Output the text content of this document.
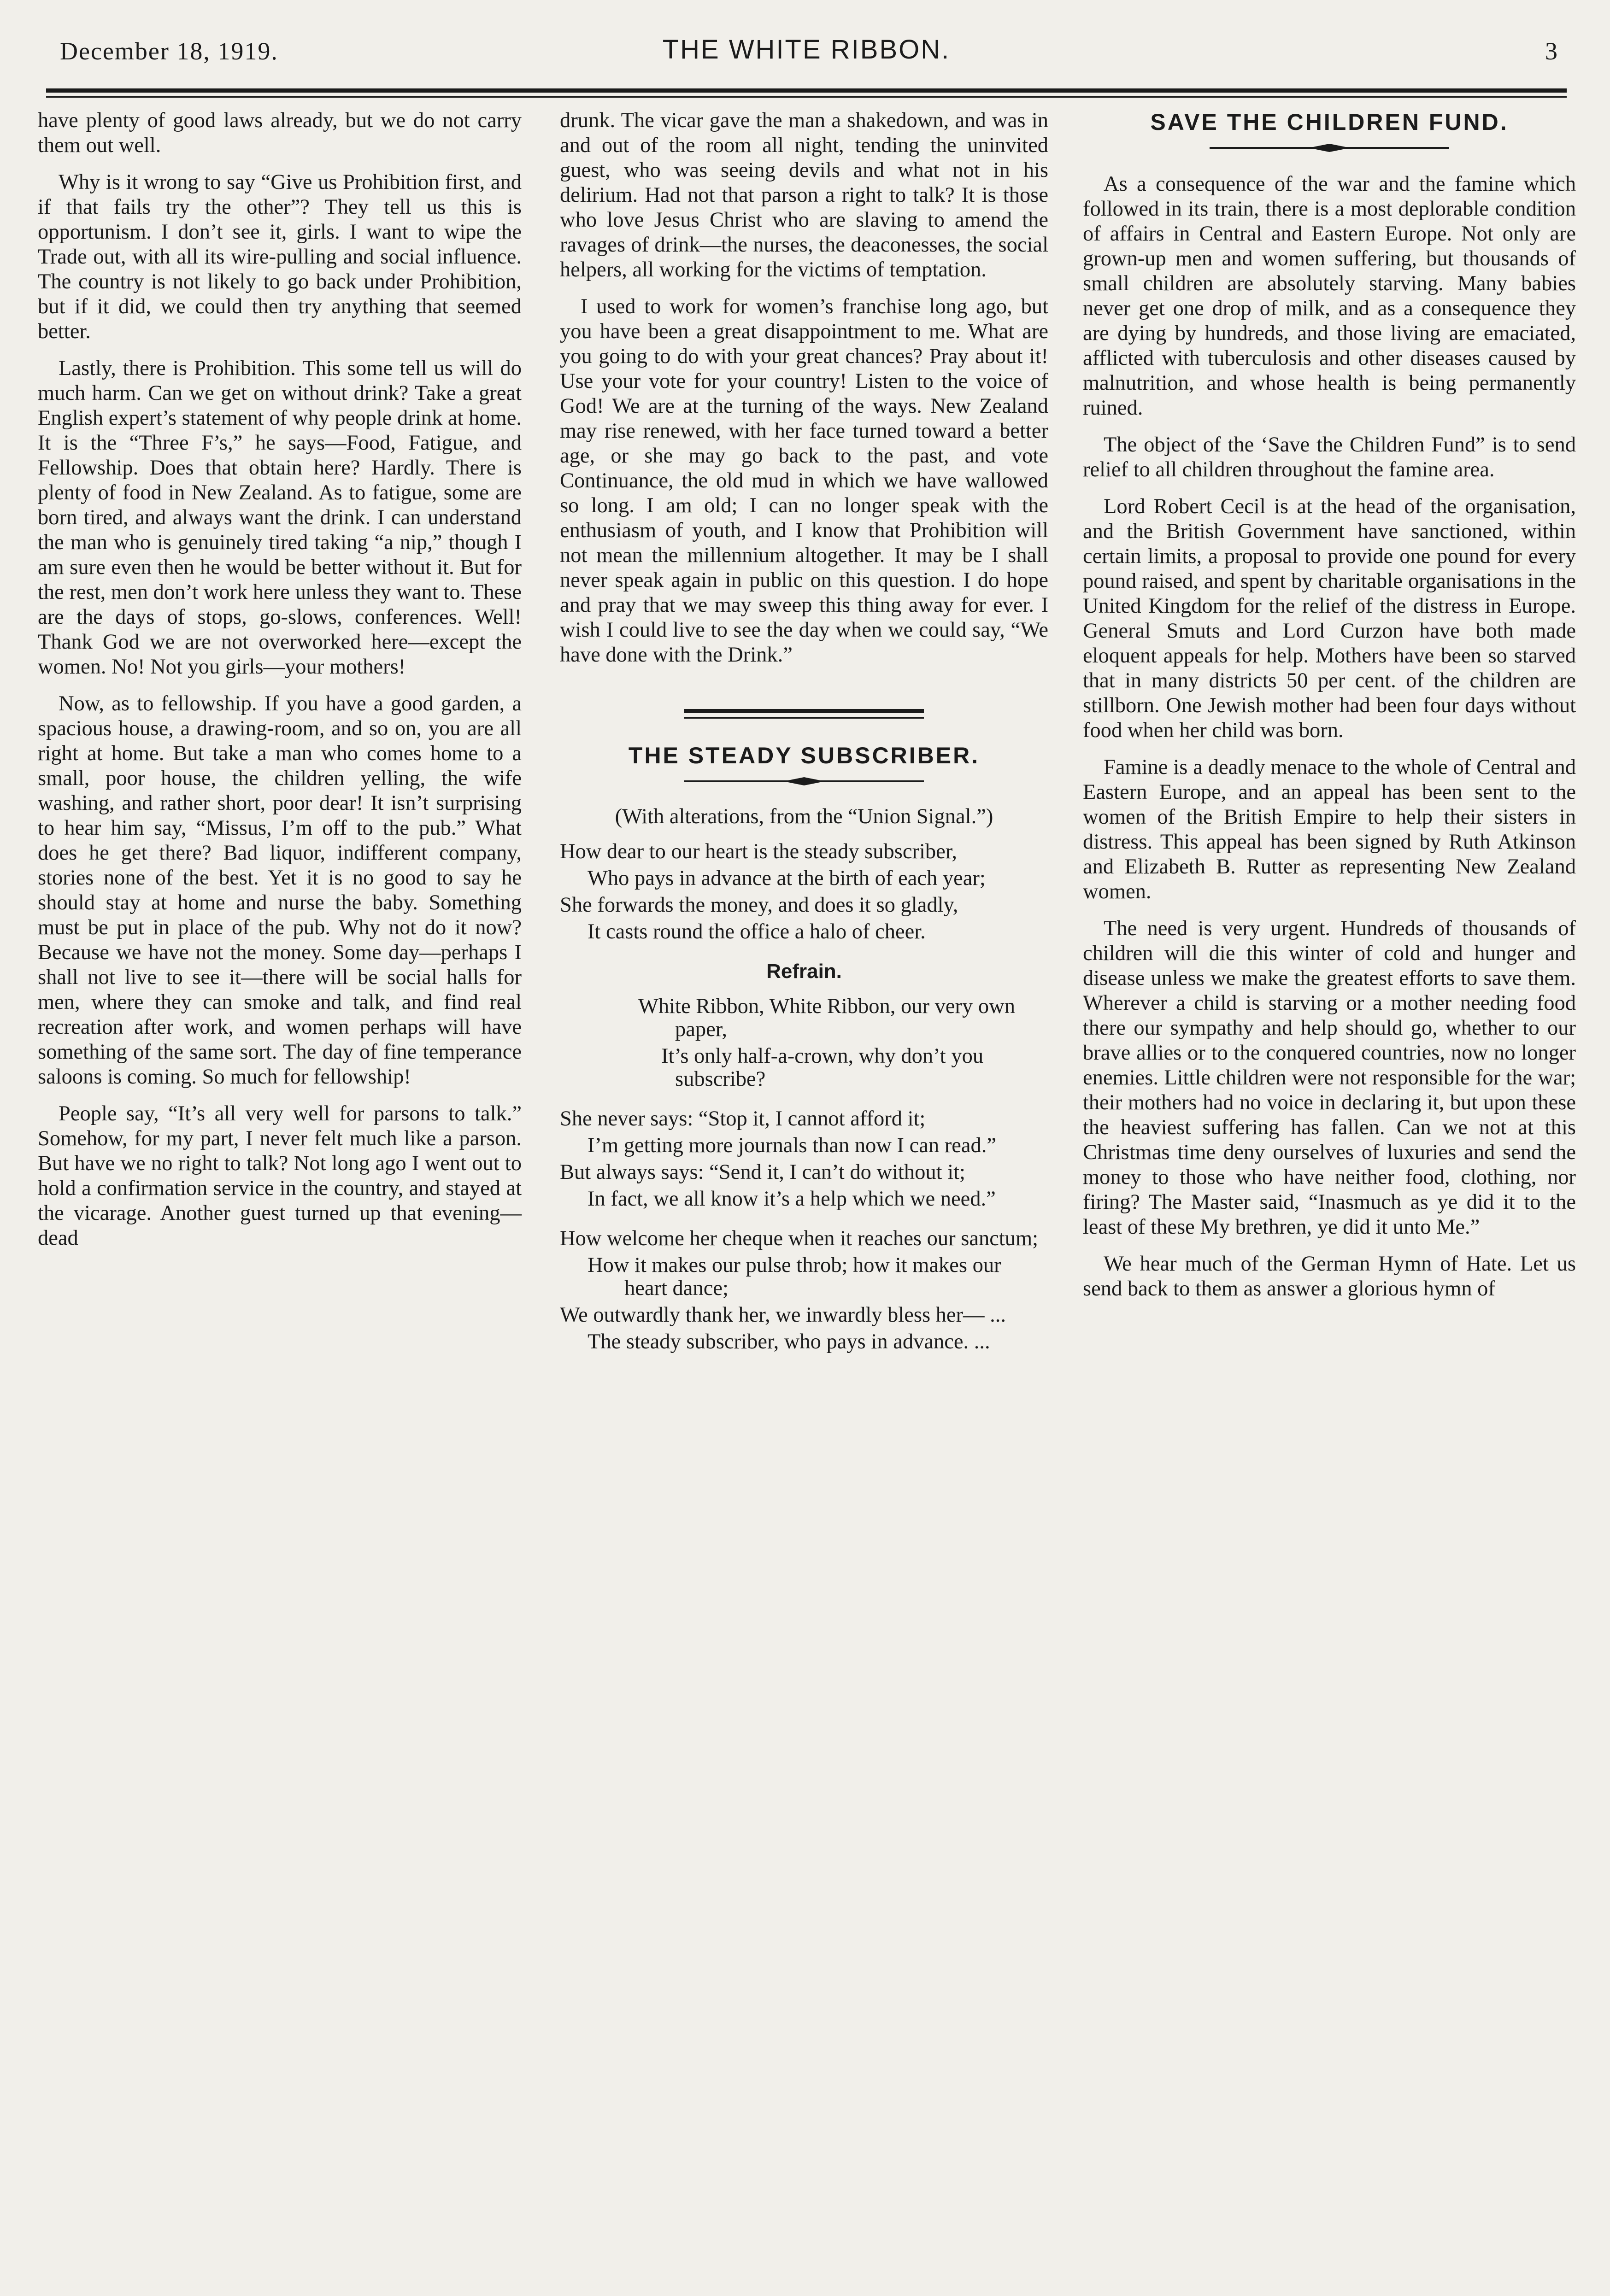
December 18, 1919.	THE WHITE RIBBON.	3

have plenty of good laws already, but we do not carry them out well.

Why is it wrong to say “Give us Prohibition first, and if that fails try the other”? They tell us this is opportunism. I don’t see it, girls. I want to wipe the Trade out, with all its wire-pulling and social influence. The country is not likely to go back under Prohibition, but if it did, we could then try anything that seemed better.

Lastly, there is Prohibition. This some tell us will do much harm. Can we get on without drink? Take a great English expert’s statement of why people drink at home. It is the “Three F’s,” he says—Food, Fatigue, and Fellowship. Does that obtain here? Hardly. There is plenty of food in New Zealand. As to fatigue, some are born tired, and always want the drink. I can understand the man who is genuinely tired taking “a nip,” though I am sure even then he would be better without it. But for the rest, men don’t work here unless they want to. These are the days of stops, go-slows, conferences. Well! Thank God we are not overworked here—except the women. No! Not you girls—your mothers!

Now, as to fellowship. If you have a good garden, a spacious house, a drawing-room, and so on, you are all right at home. But take a man who comes home to a small, poor house, the children yelling, the wife washing, and rather short, poor dear! It isn’t surprising to hear him say, “Missus, I’m off to the pub.” What does he get there? Bad liquor, indifferent company, stories none of the best. Yet it is no good to say he should stay at home and nurse the baby. Something must be put in place of the pub. Why not do it now? Because we have not the money. Some day—perhaps I shall not live to see it—there will be social halls for men, where they can smoke and talk, and find real recreation after work, and women perhaps will have something of the same sort. The day of fine temperance saloons is coming. So much for fellowship!

People say, “It’s all very well for parsons to talk.” Somehow, for my part, I never felt much like a parson. But have we no right to talk? Not long ago I went out to hold a confirmation service in the country, and stayed at the vicarage. Another guest turned up that evening—dead

drunk. The vicar gave the man a shakedown, and was in and out of the room all night, tending the uninvited guest, who was seeing devils and what not in his delirium. Had not that parson a right to talk? It is those who love Jesus Christ who are slaving to amend the ravages of drink—the nurses, the deaconesses, the social helpers, all working for the victims of temptation.

I used to work for women’s franchise long ago, but you have been a great disappointment to me. What are you going to do with your great chances? Pray about it! Use your vote for your country! Listen to the voice of God! We are at the turning of the ways. New Zealand may rise renewed, with her face turned toward a better age, or she may go back to the past, and vote Continuance, the old mud in which we have wallowed so long. I am old; I can no longer speak with the enthusiasm of youth, and I know that Prohibition will not mean the millennium altogether. It may be I shall never speak again in public on this question. I do hope and pray that we may sweep this thing away for ever. I wish I could live to see the day when we could say, “We have done with the Drink.”

THE STEADY SUBSCRIBER.

(With alterations, from the “Union Signal.”)

How dear to our heart is the steady subscriber,

Who pays in advance at the birth of each year;

She forwards the money, and does it so gladly,

It casts round the office a halo of cheer.

Refrain.

White Ribbon, White Ribbon, our very own paper,

It’s only half-a-crown, why don’t you subscribe?

She never says: “Stop it, I cannot afford it;

I’m getting more journals than now I can read.”

But always says: “Send it, I can’t do without it;

In fact, we all know it’s a help which we need.”

How welcome her cheque when it reaches our sanctum;

How it makes our pulse throb; how it makes our heart dance;

We outwardly thank her, we inwardly bless her— ...

The steady subscriber, who pays in advance. ...

SAVE THE CHILDREN FUND.

As a consequence of the war and the famine which followed in its train, there is a most deplorable condition of affairs in Central and Eastern Europe. Not only are grown-up men and women suffering, but thousands of small children are absolutely starving. Many babies never get one drop of milk, and as a consequence they are dying by hundreds, and those living are emaciated, afflicted with tuberculosis and other diseases caused by malnutrition, and whose health is being permanently ruined.

The object of the ‘Save the Children Fund” is to send relief to all children throughout the famine area.

Lord Robert Cecil is at the head of the organisation, and the British Government have sanctioned, within certain limits, a proposal to provide one pound for every pound raised, and spent by charitable organisations in the United Kingdom for the relief of the distress in Europe. General Smuts and Lord Curzon have both made eloquent appeals for help. Mothers have been so starved that in many districts 50 per cent. of the children are stillborn. One Jewish mother had been four days without food when her child was born.

Famine is a deadly menace to the whole of Central and Eastern Europe, and an appeal has been sent to the women of the British Empire to help their sisters in distress. This appeal has been signed by Ruth Atkinson and Elizabeth B. Rutter as representing New Zealand women.

The need is very urgent. Hundreds of thousands of children will die this winter of cold and hunger and disease unless we make the greatest efforts to save them. Wherever a child is starving or a mother needing food there our sympathy and help should go, whether to our brave allies or to the conquered countries, now no longer enemies. Little children were not responsible for the war; their mothers had no voice in declaring it, but upon these the heaviest suffering has fallen. Can we not at this Christmas time deny ourselves of luxuries and send the money to those who have neither food, clothing, nor firing? The Master said, “Inasmuch as ye did it to the least of these My brethren, ye did it unto Me.”

We hear much of the German Hymn of Hate. Let us send back to them as answer a glorious hymn of
